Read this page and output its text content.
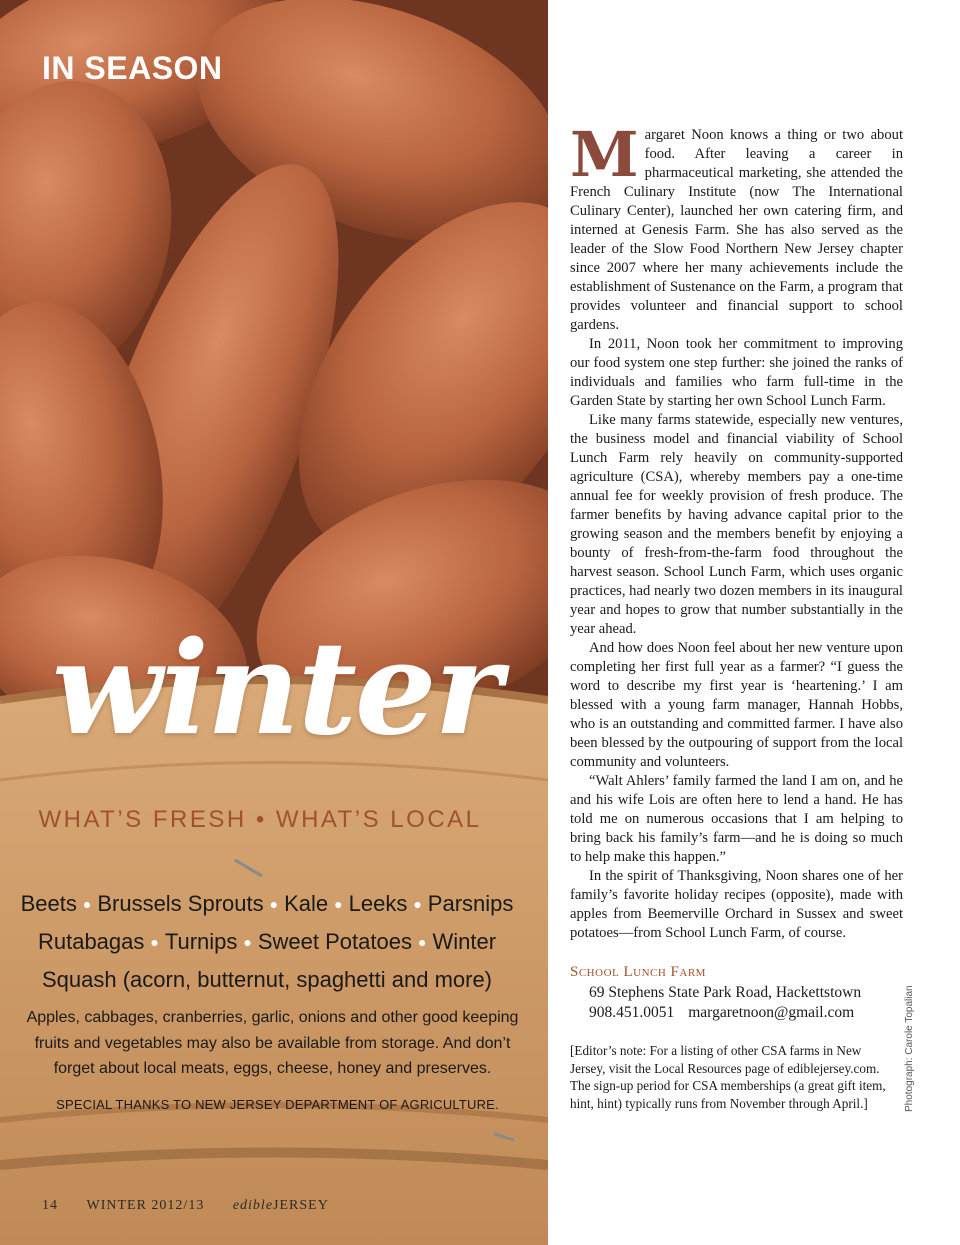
IN SEASON
winter

WHAT’S FRESH • WHAT’S LOCAL

Beets ● Brussels Sprouts ● Kale ● Leeks ● Parsnips
Rutabagas ● Turnips ● Sweet Potatoes ● Winter
Squash (acorn, butternut, spaghetti and more)

Apples, cabbages, cranberries, garlic, onions and other good keeping fruits and vegetables may also be available from storage. And don’t forget about local meats, eggs, cheese, honey and preserves.

SPECIAL THANKS TO NEW JERSEY DEPARTMENT OF AGRICULTURE.

14 WINTER 2012/13 edibleJERSEY

Margaret Noon knows a thing or two about food. After leaving a career in pharmaceutical marketing, she attended the French Culinary Institute (now The International Culinary Center), launched her own catering firm, and interned at Genesis Farm. She has also served as the leader of the Slow Food Northern New Jersey chapter since 2007 where her many achievements include the establishment of Sustenance on the Farm, a program that provides volunteer and financial support to school gardens.

In 2011, Noon took her commitment to improving our food system one step further: she joined the ranks of individuals and families who farm full-time in the Garden State by starting her own School Lunch Farm.

Like many farms statewide, especially new ventures, the business model and financial viability of School Lunch Farm rely heavily on community-supported agriculture (CSA), whereby members pay a one-time annual fee for weekly provision of fresh produce. The farmer benefits by having advance capital prior to the growing season and the members benefit by enjoying a bounty of fresh-from-the-farm food throughout the harvest season. School Lunch Farm, which uses organic practices, had nearly two dozen members in its inaugural year and hopes to grow that number substantially in the year ahead.

And how does Noon feel about her new venture upon completing her first full year as a farmer? “I guess the word to describe my first year is ‘heartening.’ I am blessed with a young farm manager, Hannah Hobbs, who is an outstanding and committed farmer. I have also been blessed by the outpouring of support from the local community and volunteers.

“Walt Ahlers’ family farmed the land I am on, and he and his wife Lois are often here to lend a hand. He has told me on numerous occasions that I am helping to bring back his family’s farm—and he is doing so much to help make this happen.”

In the spirit of Thanksgiving, Noon shares one of her family’s favorite holiday recipes (opposite), made with apples from Beemerville Orchard in Sussex and sweet potatoes—from School Lunch Farm, of course.

School Lunch Farm

69 Stephens State Park Road, Hackettstown

908.451.0051 margaretnoon@gmail.com

[Editor’s note: For a listing of other CSA farms in New Jersey, visit the Local Resources page of ediblejersey.com. The sign-up period for CSA memberships (a great gift item, hint, hint) typically runs from November through April.]	Photograph: Carole Topalian
